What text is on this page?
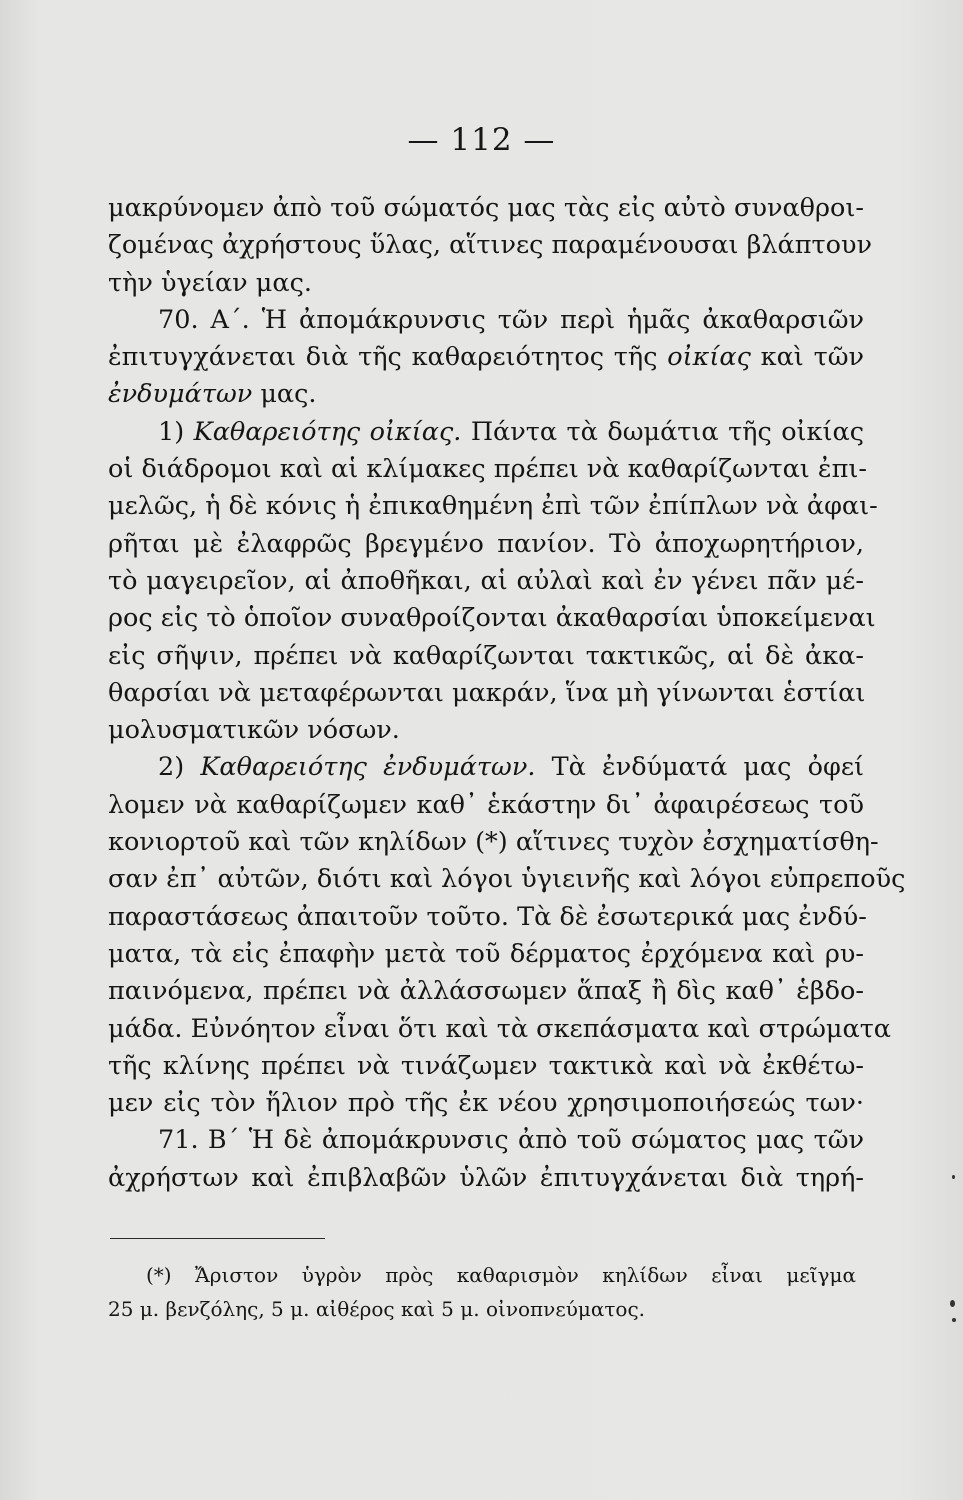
— 112 —
μακρύνομεν ἀπὸ τοῦ σώματός μας τὰς εἰς αὐτὸ συναθροι-
ζομένας ἀχρήστους ὕλας, αἵτινες παραμένουσαι βλάπτουν
τὴν ὑγείαν μας.
70. Α΄. Ἡ ἀπομάκρυνσις τῶν περὶ ἡμᾶς ἀκαθαρσιῶν
ἐπιτυγχάνεται διὰ τῆς καθαρειότητος τῆς οἰκίας καὶ τῶν
ἐνδυμάτων μας.
1) Καθαρειότης οἰκίας. Πάντα τὰ δωμάτια τῆς οἰκίας
οἱ διάδρομοι καὶ αἱ κλίμακες πρέπει νὰ καθαρίζωνται ἐπι-
μελῶς, ἡ δὲ κόνις ἡ ἐπικαθημένη ἐπὶ τῶν ἐπίπλων νὰ ἀφαι-
ρῆται μὲ ἐλαφρῶς βρεγμένο πανίον. Τὸ ἀποχωρητήριον,
τὸ μαγειρεῖον, αἱ ἀποθῆκαι, αἱ αὐλαὶ καὶ ἐν γένει πᾶν μέ-
ρος εἰς τὸ ὁποῖον συναθροίζονται ἀκαθαρσίαι ὑποκείμεναι
εἰς σῆψιν, πρέπει νὰ καθαρίζωνται τακτικῶς, αἱ δὲ ἀκα-
θαρσίαι νὰ μεταφέρωνται μακράν, ἵνα μὴ γίνωνται ἑστίαι
μολυσματικῶν νόσων.
2) Καθαρειότης ἐνδυμάτων. Τὰ ἐνδύματά μας ὀφεί
λομεν νὰ καθαρίζωμεν καθ᾿ ἑκάστην δι᾿ ἀφαιρέσεως τοῦ
κονιορτοῦ καὶ τῶν κηλίδων (*) αἵτινες τυχὸν ἐσχηματίσθη-
σαν ἐπ᾿ αὐτῶν, διότι καὶ λόγοι ὑγιεινῆς καὶ λόγοι εὐπρεποῦς
παραστάσεως ἀπαιτοῦν τοῦτο. Τὰ δὲ ἐσωτερικά μας ἐνδύ-
ματα, τὰ εἰς ἐπαφὴν μετὰ τοῦ δέρματος ἐρχόμενα καὶ ρυ-
παινόμενα, πρέπει νὰ ἀλλάσσωμεν ἅπαξ ἢ δὶς καθ᾿ ἑβδο-
μάδα. Εὐνόητον εἶναι ὅτι καὶ τὰ σκεπάσματα καὶ στρώματα
τῆς κλίνης πρέπει νὰ τινάζωμεν τακτικὰ καὶ νὰ ἐκθέτω-
μεν εἰς τὸν ἥλιον πρὸ τῆς ἐκ νέου χρησιμοποιήσεώς των·
71. Β΄ Ἡ δὲ ἀπομάκρυνσις ἀπὸ τοῦ σώματος μας τῶν
ἀχρήστων καὶ ἐπιβλαβῶν ὑλῶν ἐπιτυγχάνεται διὰ τηρή-
(*) Ἄριστον ὑγρὸν πρὸς καθαρισμὸν κηλίδων εἶναι μεῖγμα
25 μ. βενζόλης, 5 μ. αἰθέρος καὶ 5 μ. οἰνοπνεύματος.
